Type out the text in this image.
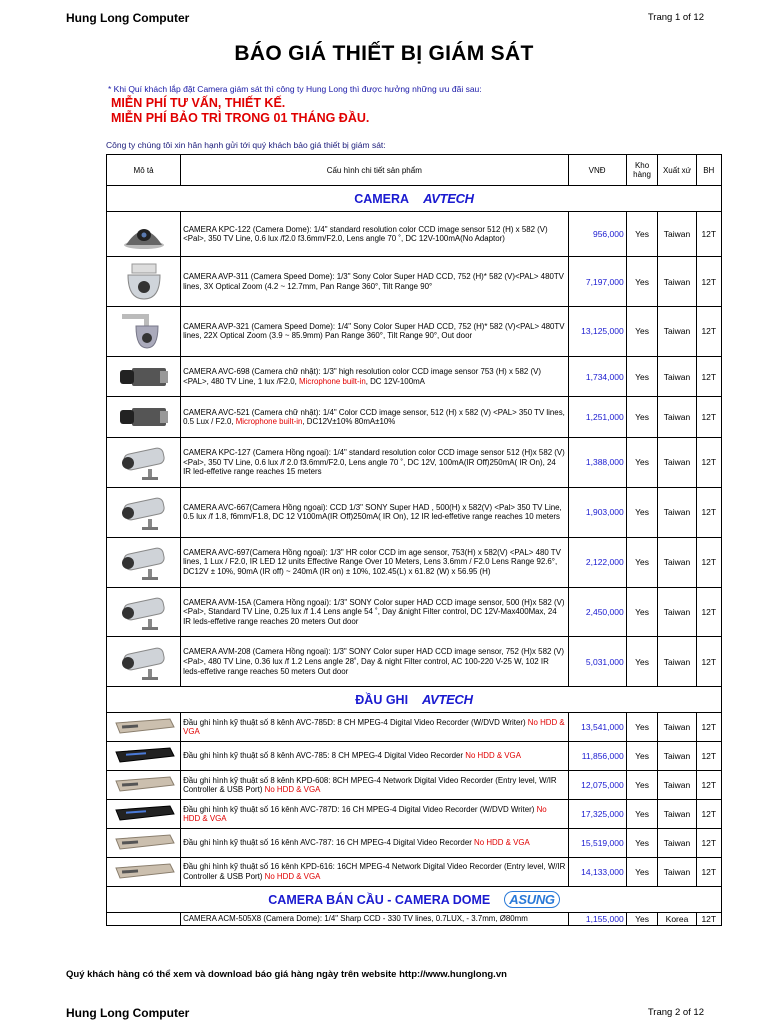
Hung Long Computer	Trang 1 of 12
BÁO GIÁ THIẾT BỊ GIÁM SÁT
* Khi Quí khách lắp đặt Camera giám sát thì công ty Hung Long thì được hưởng những ưu đãi sau:
MIỄN PHÍ TƯ VẤN, THIẾT KẾ.
MIỄN PHÍ BẢO TRÌ TRONG 01 THÁNG ĐẦU.
Công ty chúng tôi xin hân hạnh gửi tới quý khách bảo giá thiết bị giám sát:
Mô tả	Cấu hình chi tiết sản phẩm	VNĐ	Kho hàng	Xuất xứ	BH
CAMERA AVTECH					

	CAMERA KPC-122 (Camera Dome): 1/4" standard resolution color CCD image sensor 512 (H) x 582 (V) <Pal>, 350 TV Line, 0.6 lux /f2.0 f3.6mm/F2.0, Lens angle 70 ˚, DC 12V-100mA(No Adaptor)	956,000	Yes	Taiwan	12T

	CAMERA AVP-311 (Camera Speed Dome): 1/3" Sony Color Super HAD CCD, 752 (H)* 582 (V)<PAL> 480TV lines, 3X Optical Zoom (4.2 ~ 12.7mm, Pan Range 360°, Tilt Range 90°	7,197,000	Yes	Taiwan	12T

	CAMERA AVP-321 (Camera Speed Dome): 1/4" Sony Color Super HAD CCD, 752 (H)* 582 (V)<PAL> 480TV lines, 22X Optical Zoom (3.9 ~ 85.9mm) Pan Range 360°, Tilt Range 90°, Out door	13,125,000	Yes	Taiwan	12T

	CAMERA AVC-698 (Camera chữ nhật): 1/3" high resolution color CCD image sensor 753 (H) x 582 (V)<PAL>, 480 TV Line, 1 lux /F2.0, Microphone built-in, DC 12V-100mA	1,734,000	Yes	Taiwan	12T

	CAMERA AVC-521 (Camera chữ nhật): 1/4" Color CCD image sensor, 512 (H) x 582 (V) <PAL> 350 TV lines, 0.5 Lux / F2.0, Microphone built-in, DC12V±10% 80mA±10%	1,251,000	Yes	Taiwan	12T

	CAMERA KPC-127 (Camera Hồng ngoại): 1/4" standard resolution color CCD image sensor 512 (H)x 582 (V)<Pal>, 350 TV Line, 0.6 lux /f 2.0 f3.6mm/F2.0, Lens angle 70 ˚, DC 12V, 100mA(IR Off)250mA( IR On), 24 IR led-effetive range reaches 15 meters	1,388,000	Yes	Taiwan	12T

	CAMERA AVC-667(Camera Hồng ngoại): CCD 1/3" SONY Super HAD , 500(H) x 582(V) <Pal> 350 TV Line, 0.5 lux /f 1.8, f6mm/F1.8, DC 12 V100mA(IR Off)250mA( IR On), 12 IR led-effetive range reaches 10 meters	1,903,000	Yes	Taiwan	12T

	CAMERA AVC-697(Camera Hồng ngoại): 1/3" HR color CCD im age sensor, 753(H) x 582(V) <PAL> 480 TV lines, 1 Lux / F2.0, IR LED 12 units Effective Range Over 10 Meters, Lens 3.6mm / F2.0 Lens Range 92.6°, DC12V ± 10%, 90mA (IR off) ~ 240mA (IR on) ± 10%, 102.45(L) x 61.82 (W) x 56.95 (H)	2,122,000	Yes	Taiwan	12T

	CAMERA AVM-15A (Camera Hồng ngoại): 1/3" SONY Color super HAD CCD image sensor, 500 (H)x 582 (V)<Pal>, Standard TV Line, 0.25 lux /f 1.4 Lens angle 54 ˚, Day &night Filter control, DC 12V-Max400Max, 24 IR leds-effetive range reaches 20 meters Out door	2,450,000	Yes	Taiwan	12T

	CAMERA AVM-208 (Camera Hồng ngoại): 1/3" SONY Color super HAD CCD image sensor, 752 (H)x 582 (V)<Pal>, 480 TV Line, 0.36 lux /f 1.2 Lens angle 28˚, Day & night Filter control, AC 100-220 V-25 W, 102 IR leds-effetive range reaches 50 meters Out door	5,031,000	Yes	Taiwan	12T
ĐẦU GHI AVTECH					

	Đầu ghi hình kỹ thuật số 8 kênh AVC-785D: 8 CH MPEG-4 Digital Video Recorder (W/DVD Writer) No HDD & VGA	13,541,000	Yes	Taiwan	12T

	Đầu ghi hình kỹ thuật số 8 kênh AVC-785: 8 CH MPEG-4 Digital Video Recorder No HDD & VGA	11,856,000	Yes	Taiwan	12T

	Đầu ghi hình kỹ thuật số 8 kênh KPD-608: 8CH MPEG-4 Network Digital Video Recorder (Entry level, W/IR Controller & USB Port) No HDD & VGA	12,075,000	Yes	Taiwan	12T

	Đầu ghi hình kỹ thuật số 16 kênh AVC-787D: 16 CH MPEG-4 Digital Video Recorder (W/DVD Writer) No HDD & VGA	17,325,000	Yes	Taiwan	12T

	Đầu ghi hình kỹ thuật số 16 kênh AVC-787: 16 CH MPEG-4 Digital Video Recorder No HDD & VGA	15,519,000	Yes	Taiwan	12T

	Đầu ghi hình kỹ thuật số 16 kênh KPD-616: 16CH MPEG-4 Network Digital Video Recorder (Entry level, W/IR Controller & USB Port) No HDD & VGA	14,133,000	Yes	Taiwan	12T
CAMERA BÁN CẦU - CAMERA DOME ASUNG					
	CAMERA ACM-505X8 (Camera Dome): 1/4" Sharp CCD - 330 TV lines, 0.7LUX, - 3.7mm, Ø80mm	1,155,000	Yes	Korea	12T
Quý khách hàng có thể xem và download báo giá hàng ngày trên website http://www.hunglong.vn
Hung Long Computer	Trang 2 of 12
